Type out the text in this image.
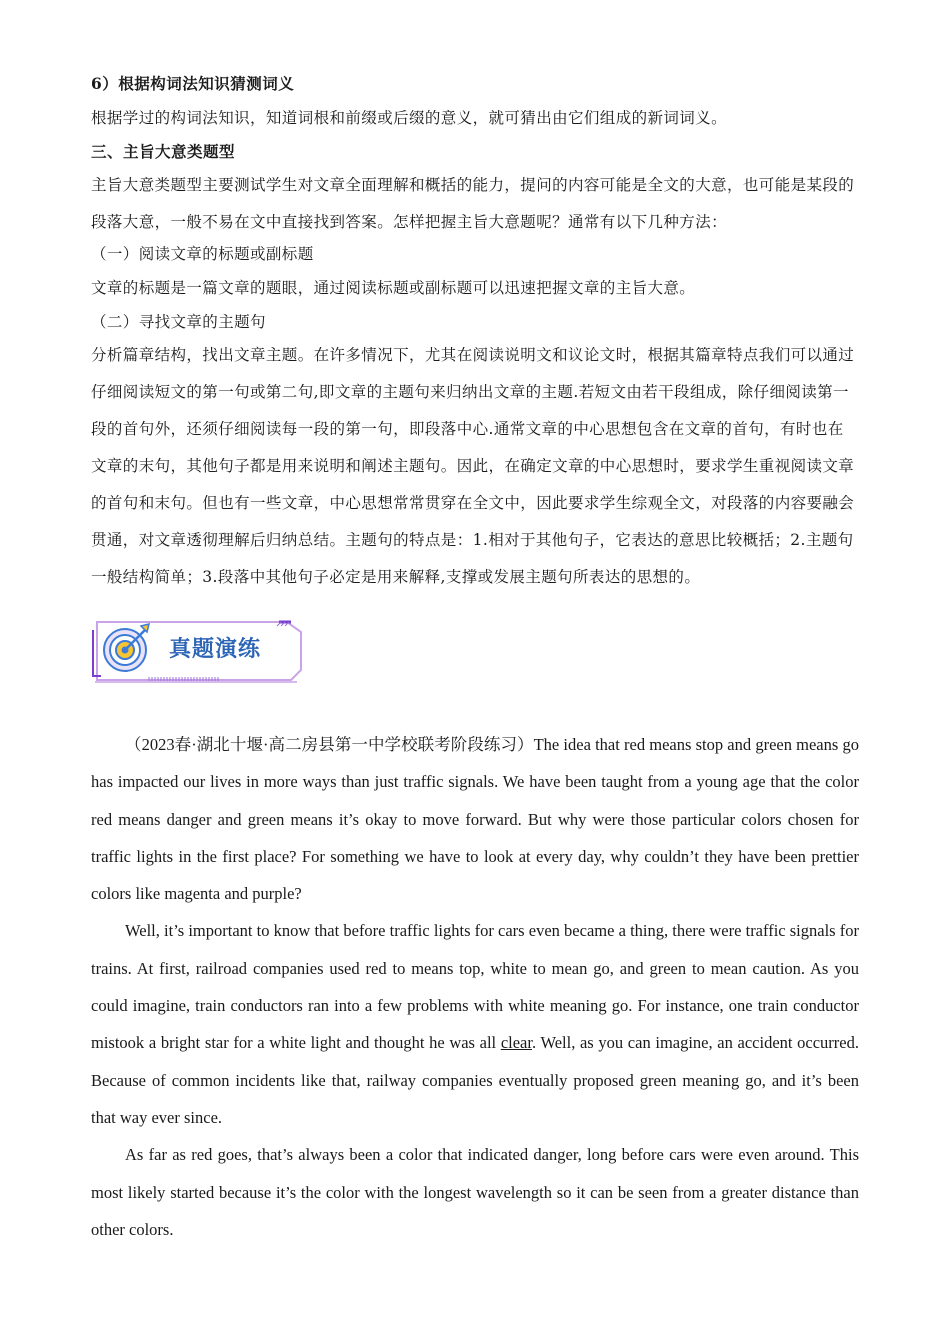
6）根据构词法知识猜测词义

根据学过的构词法知识，知道词根和前缀或后缀的意义，就可猜出由它们组成的新词词义。

三、主旨大意类题型

主旨大意类题型主要测试学生对文章全面理解和概括的能力，提问的内容可能是全文的大意，也可能是某段的段落大意，一般不易在文中直接找到答案。怎样把握主旨大意题呢？通常有以下几种方法：

（一）阅读文章的标题或副标题

文章的标题是一篇文章的题眼，通过阅读标题或副标题可以迅速把握文章的主旨大意。

（二）寻找文章的主题句

分析篇章结构，找出文章主题。在许多情况下，尤其在阅读说明文和议论文时，根据其篇章特点我们可以通过仔细阅读短文的第一句或第二句,即文章的主题句来归纳出文章的主题.若短文由若干段组成，除仔细阅读第一段的首句外，还须仔细阅读每一段的第一句，即段落中心.通常文章的中心思想包含在文章的首句，有时也在文章的末句，其他句子都是用来说明和阐述主题句。因此，在确定文章的中心思想时，要求学生重视阅读文章的首句和末句。但也有一些文章，中心思想常常贯穿在全文中，因此要求学生综观全文，对段落的内容要融会贯通，对文章透彻理解后归纳总结。主题句的特点是：1.相对于其他句子，它表达的意思比较概括；2.主题句一般结构简单；3.段落中其他句子必定是用来解释,支撑或发展主题句所表达的思想的。

真题演练

（2023春·湖北十堰·高二房县第一中学校联考阶段练习）The idea that red means stop and green means go has impacted our lives in more ways than just traffic signals. We have been taught from a young age that the color red means danger and green means it’s okay to move forward. But why were those particular colors chosen for traffic lights in the first place? For something we have to look at every day, why couldn’t they have been prettier colors like magenta and purple?

Well, it’s important to know that before traffic lights for cars even became a thing, there were traffic signals for trains. At first, railroad companies used red to means top, white to mean go, and green to mean caution. As you could imagine, train conductors ran into a few problems with white meaning go. For instance, one train conductor mistook a bright star for a white light and thought he was all clear. Well, as you can imagine, an accident occurred. Because of common incidents like that, railway companies eventually proposed green meaning go, and it’s been that way ever since.

As far as red goes, that’s always been a color that indicated danger, long before cars were even around. This most likely started because it’s the color with the longest wavelength so it can be seen from a greater distance than other colors.
